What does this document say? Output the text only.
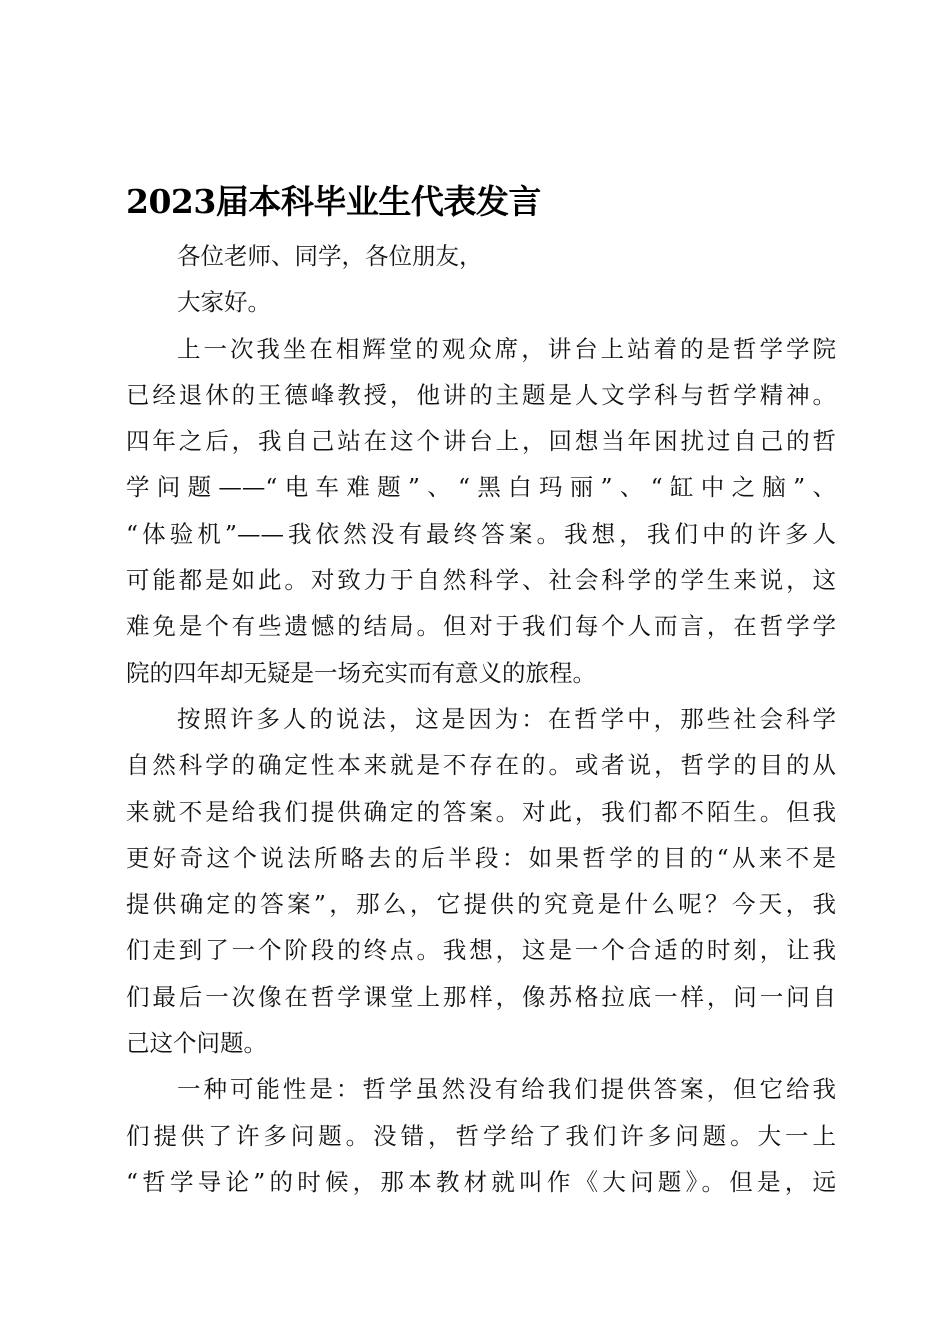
2023届本科毕业生代表发言
各位老师、同学，各位朋友，
大家好。
上一次我坐在相辉堂的观众席，讲台上站着的是哲学学院
已经退休的王德峰教授，他讲的主题是人文学科与哲学精神。
四年之后，我自己站在这个讲台上，回想当年困扰过自己的哲
学问题——“电车难题”、“黑白玛丽”、“缸中之脑”、
“体验机”——我依然没有最终答案。我想，我们中的许多人
可能都是如此。对致力于自然科学、社会科学的学生来说，这
难免是个有些遗憾的结局。但对于我们每个人而言，在哲学学
院的四年却无疑是一场充实而有意义的旅程。
按照许多人的说法，这是因为：在哲学中，那些社会科学
自然科学的确定性本来就是不存在的。或者说，哲学的目的从
来就不是给我们提供确定的答案。对此，我们都不陌生。但我
更好奇这个说法所略去的后半段：如果哲学的目的“从来不是
提供确定的答案”，那么，它提供的究竟是什么呢？今天，我
们走到了一个阶段的终点。我想，这是一个合适的时刻，让我
们最后一次像在哲学课堂上那样，像苏格拉底一样，问一问自
己这个问题。
一种可能性是：哲学虽然没有给我们提供答案，但它给我
们提供了许多问题。没错，哲学给了我们许多问题。大一上
“哲学导论”的时候，那本教材就叫作《大问题》。但是，远
